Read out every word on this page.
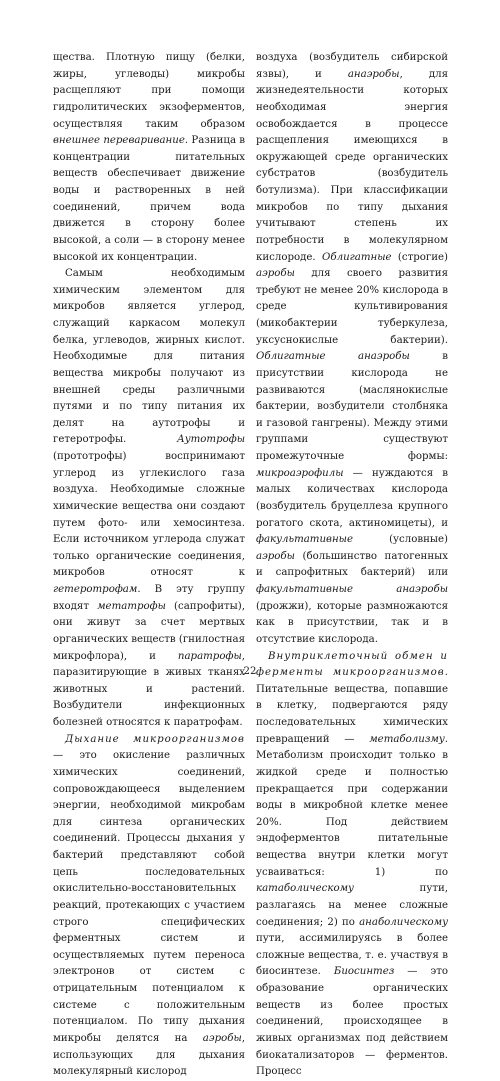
щества. Плотную пищу (белки, жиры, углеводы) микробы расщепляют при помощи гидролитических экзоферментов, осуществляя таким образом внешнее переваривание. Разница в концентрации питательных веществ обеспечивает движение воды и растворенных в ней соединений, причем вода движется в сторону более высокой, а соли — в сторону менее высокой их концентрации.

Самым необходимым химическим элементом для микробов является углерод, служащий каркасом молекул белка, углеводов, жирных кислот. Необходимые для питания вещества микробы получают из внешней среды различными путями и по типу питания их делят на аутотрофы и гетеротрофы. Аутотрофы (прототрофы) воспринимают углерод из углекислого газа воздуха. Необходимые сложные химические вещества они создают путем фото- или хемосинтеза. Если источником углерода служат только органические соединения, микробов относят к гетеротрофам. В эту группу входят метатрофы (сапрофиты), они живут за счет мертвых органических веществ (гнилостная микрофлора), и паратрофы, паразитирующие в живых тканях животных и растений. Возбудители инфекционных болезней относятся к паратрофам.

Дыхание микроорганизмов — это окисление различных химических соединений, сопровождающееся выделением энергии, необходимой микробам для синтеза органических соединений. Процессы дыхания у бактерий представляют собой цепь последовательных окислительно-восстановительных реакций, протекающих с участием строго специфических ферментных систем и осуществляемых путем переноса электронов от систем с отрицательным потенциалом к системе с положительным потенциалом. По типу дыхания микробы делятся на аэробы, использующих для дыхания молекулярный кислород

воздуха (возбудитель сибирской язвы), и анаэробы, для жизнедеятельности которых необходимая энергия освобождается в процессе расщепления имеющихся в окружающей среде органических субстратов (возбудитель ботулизма). При классификации микробов по типу дыхания учитывают степень их потребности в молекулярном кислороде. Облигатные (строгие) аэробы для своего развития требуют не менее 20% кислорода в среде культивирования (микобактерии туберкулеза, уксуснокислые бактерии). Облигатные анаэробы в присутствии кислорода не развиваются (маслянокислые бактерии, возбудители столбняка и газовой гангрены). Между этими группами существуют промежуточные формы: микроаэрофилы — нуждаются в малых количествах кислорода (возбудитель бруцеллеза крупного рогатого скота, актиномицеты), и факультативные (условные) аэробы (большинство патогенных и сапрофитных бактерий) или факультативные анаэробы (дрожжи), которые размножаются как в присутствии, так и в отсутствие кислорода.

Внутриклеточный обмен и ферменты микроорганизмов. Питательные вещества, попавшие в клетку, подвергаются ряду последовательных химических превращений — метаболизму. Метаболизм происходит только в жидкой среде и полностью прекращается при содержании воды в микробной клетке менее 20%. Под действием эндоферментов питательные вещества внутри клетки могут усваиваться: 1) по катаболическому пути, разлагаясь на менее сложные соединения; 2) по анаболическому пути, ассимилируясь в более сложные вещества, т. е. участвуя в биосинтезе. Биосинтез — это образование органических веществ из более простых соединений, происходящее в живых организмах под действием биокатализаторов — ферментов. Процесс

22
